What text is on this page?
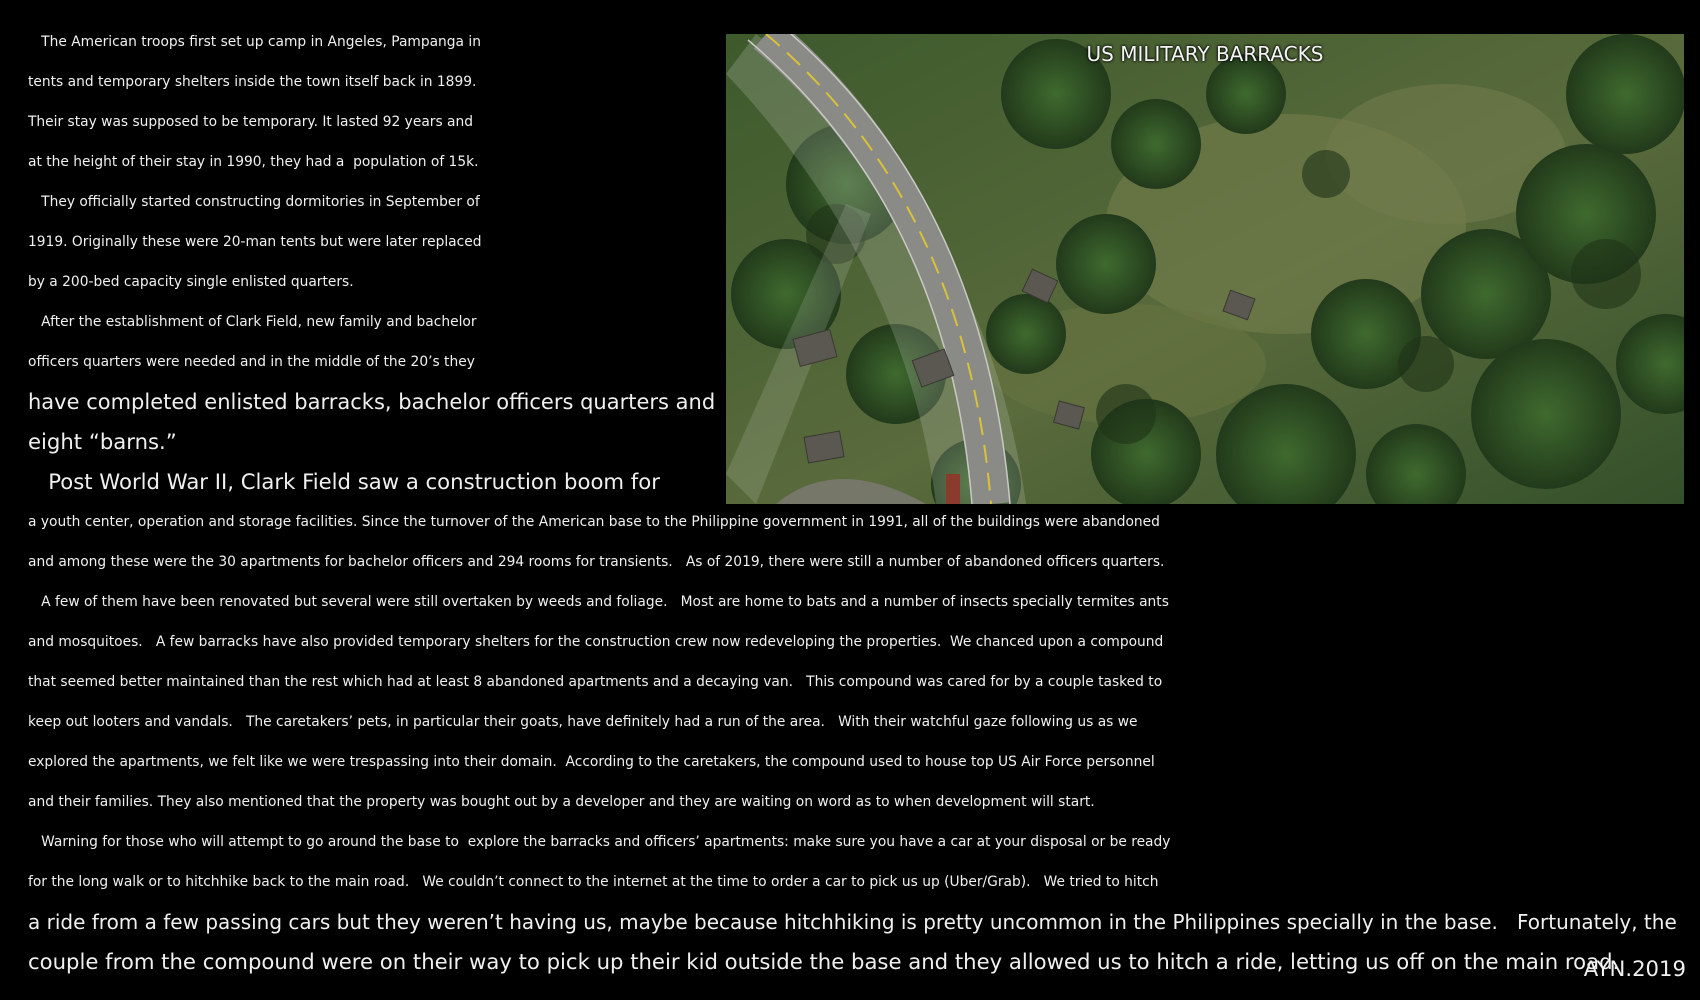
The American troops first set up camp in Angeles, Pampanga in
tents and temporary shelters inside the town itself back in 1899.
Their stay was supposed to be temporary. It lasted 92 years and
at the height of their stay in 1990, they had a  population of 15k.
They officially started constructing dormitories in September of
1919. Originally these were 20-man tents but were later replaced
by a 200-bed capacity single enlisted quarters.
After the establishment of Clark Field, new family and bachelor
officers quarters were needed and in the middle of the 20’s they
have completed enlisted barracks, bachelor officers quarters and
eight “barns.”
Post World War II, Clark Field saw a construction boom for
US MILITARY BARRACKS
a youth center, operation and storage facilities. Since the turnover of the American base to the Philippine government in 1991, all of the buildings were abandoned
and among these were the 30 apartments for bachelor officers and 294 rooms for transients.   As of 2019, there were still a number of abandoned officers quarters.
A few of them have been renovated but several were still overtaken by weeds and foliage.   Most are home to bats and a number of insects specially termites ants
and mosquitoes.   A few barracks have also provided temporary shelters for the construction crew now redeveloping the properties.  We chanced upon a compound
that seemed better maintained than the rest which had at least 8 abandoned apartments and a decaying van.   This compound was cared for by a couple tasked to
keep out looters and vandals.   The caretakers’ pets, in particular their goats, have definitely had a run of the area.   With their watchful gaze following us as we
explored the apartments, we felt like we were trespassing into their domain.  According to the caretakers, the compound used to house top US Air Force personnel
and their families. They also mentioned that the property was bought out by a developer and they are waiting on word as to when development will start.
Warning for those who will attempt to go around the base to  explore the barracks and officers’ apartments: make sure you have a car at your disposal or be ready
for the long walk or to hitchhike back to the main road.   We couldn’t connect to the internet at the time to order a car to pick us up (Uber/Grab).   We tried to hitch
a ride from a few passing cars but they weren’t having us, maybe because hitchhiking is pretty uncommon in the Philippines specially in the base.   Fortunately, the
couple from the compound were on their way to pick up their kid outside the base and they allowed us to hitch a ride, letting us off on the main road.
AYN.2019
